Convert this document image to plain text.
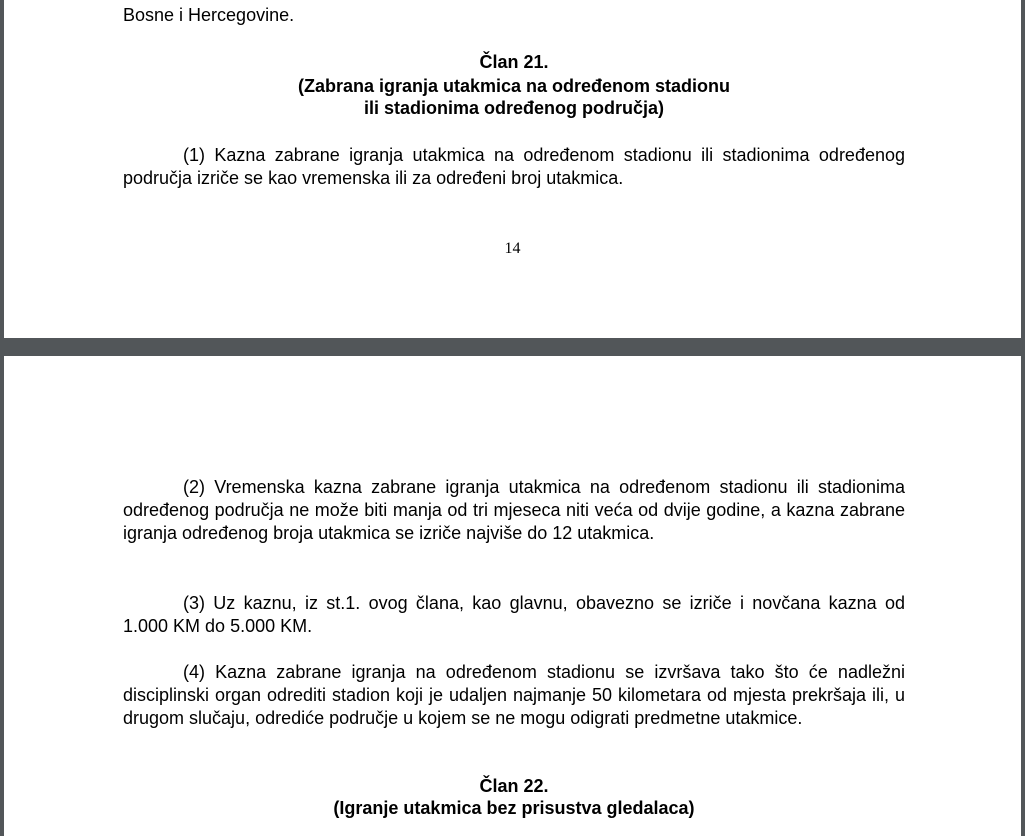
Bosne i Hercegovine.
Član 21.
(Zabrana igranja utakmica na određenom stadionu
ili stadionima određenog područja)
(1) Kazna zabrane igranja utakmica na određenom stadionu ili stadionima određenog područja izriče se kao vremenska ili za određeni broj utakmica.
14
(2) Vremenska kazna zabrane igranja utakmica na određenom stadionu ili stadionima određenog područja ne može biti manja od tri mjeseca niti veća od dvije godine, a kazna zabrane igranja određenog broja utakmica se izriče najviše do 12 utakmica.
(3) Uz kaznu, iz st.1. ovog člana, kao glavnu, obavezno se izriče i novčana kazna od 1.000 KM do 5.000 KM.
(4) Kazna zabrane igranja na određenom stadionu se izvršava tako što će nadležni disciplinski organ odrediti stadion koji je udaljen najmanje 50 kilometara od mjesta prekršaja ili, u drugom slučaju, odrediće područje u kojem se ne mogu odigrati predmetne utakmice.
Član 22.
(Igranje utakmica bez prisustva gledalaca)
